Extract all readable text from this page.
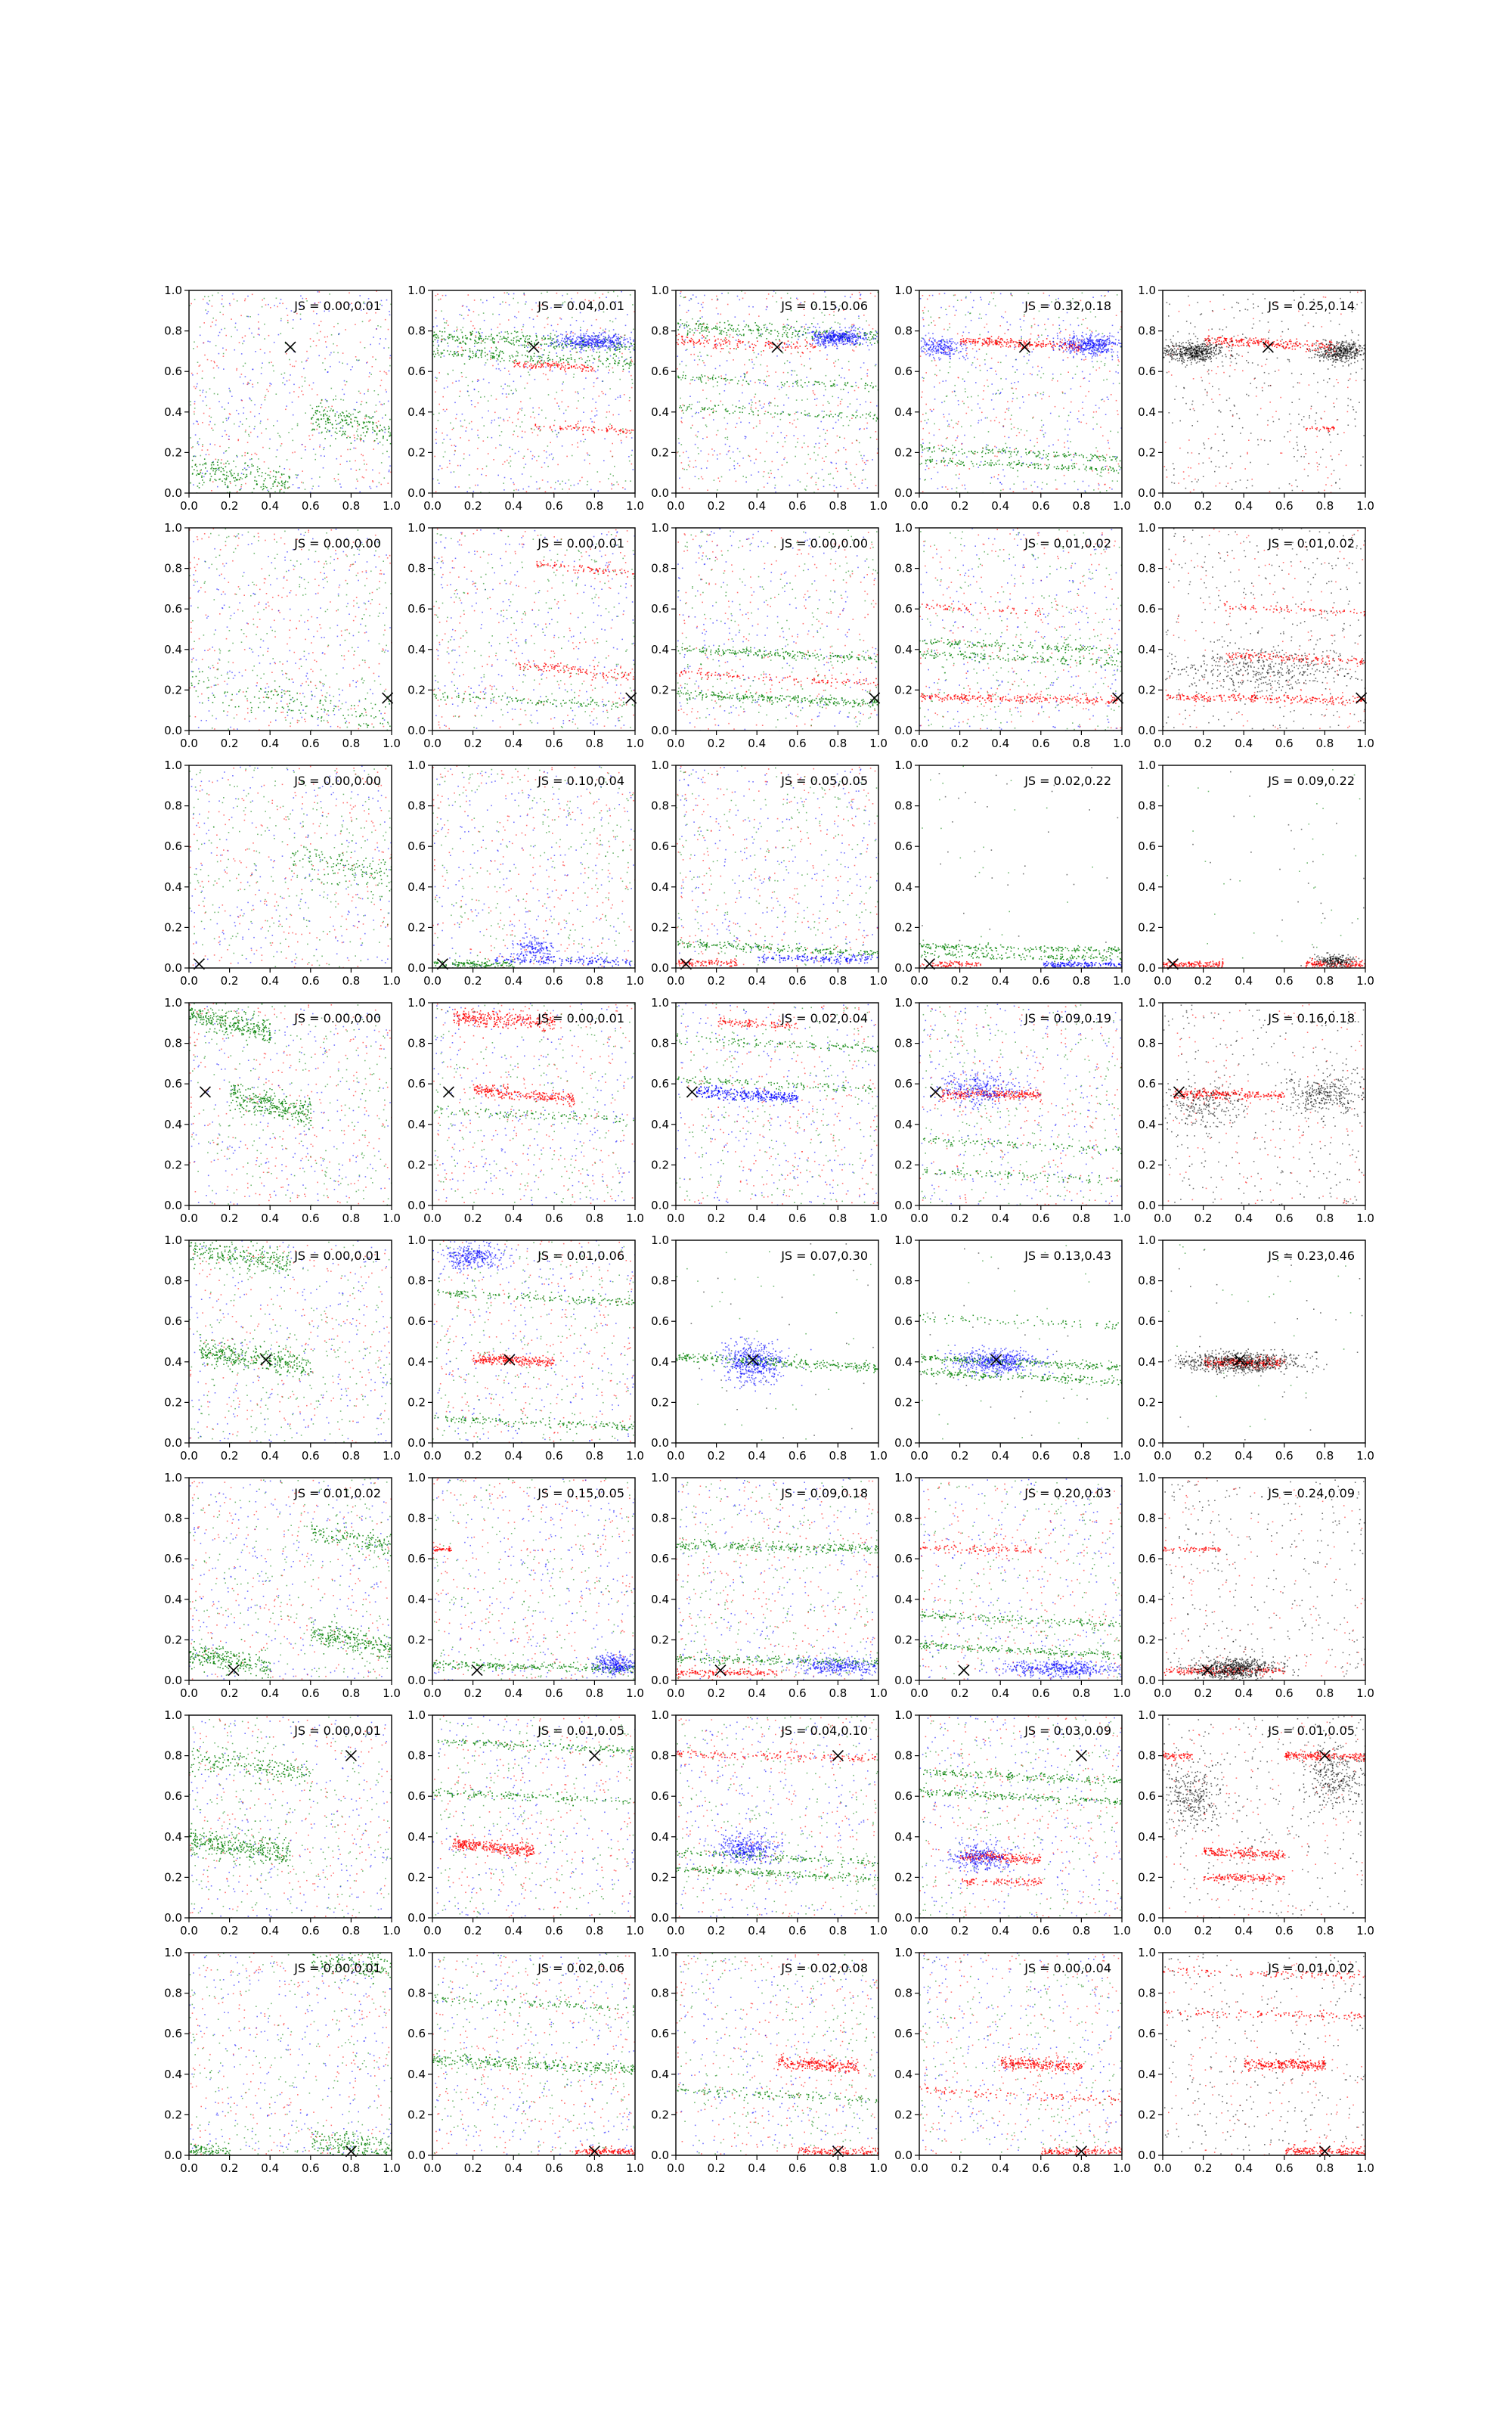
0.0
0.0
0.2
0.2
0.4
0.4
0.6
0.6
0.8
0.8
1.0
1.0
JS = 0.00,0.01
0.0
0.0
0.2
0.2
0.4
0.4
0.6
0.6
0.8
0.8
1.0
1.0
JS = 0.04,0.01
0.0
0.0
0.2
0.2
0.4
0.4
0.6
0.6
0.8
0.8
1.0
1.0
JS = 0.15,0.06
0.0
0.0
0.2
0.2
0.4
0.4
0.6
0.6
0.8
0.8
1.0
1.0
JS = 0.32,0.18
0.0
0.0
0.2
0.2
0.4
0.4
0.6
0.6
0.8
0.8
1.0
1.0
JS = 0.25,0.14
0.0
0.0
0.2
0.2
0.4
0.4
0.6
0.6
0.8
0.8
1.0
1.0
JS = 0.00,0.00
0.0
0.0
0.2
0.2
0.4
0.4
0.6
0.6
0.8
0.8
1.0
1.0
JS = 0.00,0.01
0.0
0.0
0.2
0.2
0.4
0.4
0.6
0.6
0.8
0.8
1.0
1.0
JS = 0.00,0.00
0.0
0.0
0.2
0.2
0.4
0.4
0.6
0.6
0.8
0.8
1.0
1.0
JS = 0.01,0.02
0.0
0.0
0.2
0.2
0.4
0.4
0.6
0.6
0.8
0.8
1.0
1.0
JS = 0.01,0.02
0.0
0.0
0.2
0.2
0.4
0.4
0.6
0.6
0.8
0.8
1.0
1.0
JS = 0.00,0.00
0.0
0.0
0.2
0.2
0.4
0.4
0.6
0.6
0.8
0.8
1.0
1.0
JS = 0.10,0.04
0.0
0.0
0.2
0.2
0.4
0.4
0.6
0.6
0.8
0.8
1.0
1.0
JS = 0.05,0.05
0.0
0.0
0.2
0.2
0.4
0.4
0.6
0.6
0.8
0.8
1.0
1.0
JS = 0.02,0.22
0.0
0.0
0.2
0.2
0.4
0.4
0.6
0.6
0.8
0.8
1.0
1.0
JS = 0.09,0.22
0.0
0.0
0.2
0.2
0.4
0.4
0.6
0.6
0.8
0.8
1.0
1.0
JS = 0.00,0.00
0.0
0.0
0.2
0.2
0.4
0.4
0.6
0.6
0.8
0.8
1.0
1.0
JS = 0.00,0.01
0.0
0.0
0.2
0.2
0.4
0.4
0.6
0.6
0.8
0.8
1.0
1.0
JS = 0.02,0.04
0.0
0.0
0.2
0.2
0.4
0.4
0.6
0.6
0.8
0.8
1.0
1.0
JS = 0.09,0.19
0.0
0.0
0.2
0.2
0.4
0.4
0.6
0.6
0.8
0.8
1.0
1.0
JS = 0.16,0.18
0.0
0.0
0.2
0.2
0.4
0.4
0.6
0.6
0.8
0.8
1.0
1.0
JS = 0.00,0.01
0.0
0.0
0.2
0.2
0.4
0.4
0.6
0.6
0.8
0.8
1.0
1.0
JS = 0.01,0.06
0.0
0.0
0.2
0.2
0.4
0.4
0.6
0.6
0.8
0.8
1.0
1.0
JS = 0.07,0.30
0.0
0.0
0.2
0.2
0.4
0.4
0.6
0.6
0.8
0.8
1.0
1.0
JS = 0.13,0.43
0.0
0.0
0.2
0.2
0.4
0.4
0.6
0.6
0.8
0.8
1.0
1.0
JS = 0.23,0.46
0.0
0.0
0.2
0.2
0.4
0.4
0.6
0.6
0.8
0.8
1.0
1.0
JS = 0.01,0.02
0.0
0.0
0.2
0.2
0.4
0.4
0.6
0.6
0.8
0.8
1.0
1.0
JS = 0.15,0.05
0.0
0.0
0.2
0.2
0.4
0.4
0.6
0.6
0.8
0.8
1.0
1.0
JS = 0.09,0.18
0.0
0.0
0.2
0.2
0.4
0.4
0.6
0.6
0.8
0.8
1.0
1.0
JS = 0.20,0.03
0.0
0.0
0.2
0.2
0.4
0.4
0.6
0.6
0.8
0.8
1.0
1.0
JS = 0.24,0.09
0.0
0.0
0.2
0.2
0.4
0.4
0.6
0.6
0.8
0.8
1.0
1.0
JS = 0.00,0.01
0.0
0.0
0.2
0.2
0.4
0.4
0.6
0.6
0.8
0.8
1.0
1.0
JS = 0.01,0.05
0.0
0.0
0.2
0.2
0.4
0.4
0.6
0.6
0.8
0.8
1.0
1.0
JS = 0.04,0.10
0.0
0.0
0.2
0.2
0.4
0.4
0.6
0.6
0.8
0.8
1.0
1.0
JS = 0.03,0.09
0.0
0.0
0.2
0.2
0.4
0.4
0.6
0.6
0.8
0.8
1.0
1.0
JS = 0.01,0.05
0.0
0.0
0.2
0.2
0.4
0.4
0.6
0.6
0.8
0.8
1.0
1.0
JS = 0.00,0.01
0.0
0.0
0.2
0.2
0.4
0.4
0.6
0.6
0.8
0.8
1.0
1.0
JS = 0.02,0.06
0.0
0.0
0.2
0.2
0.4
0.4
0.6
0.6
0.8
0.8
1.0
1.0
JS = 0.02,0.08
0.0
0.0
0.2
0.2
0.4
0.4
0.6
0.6
0.8
0.8
1.0
1.0
JS = 0.00,0.04
0.0
0.0
0.2
0.2
0.4
0.4
0.6
0.6
0.8
0.8
1.0
1.0
JS = 0.01,0.02
